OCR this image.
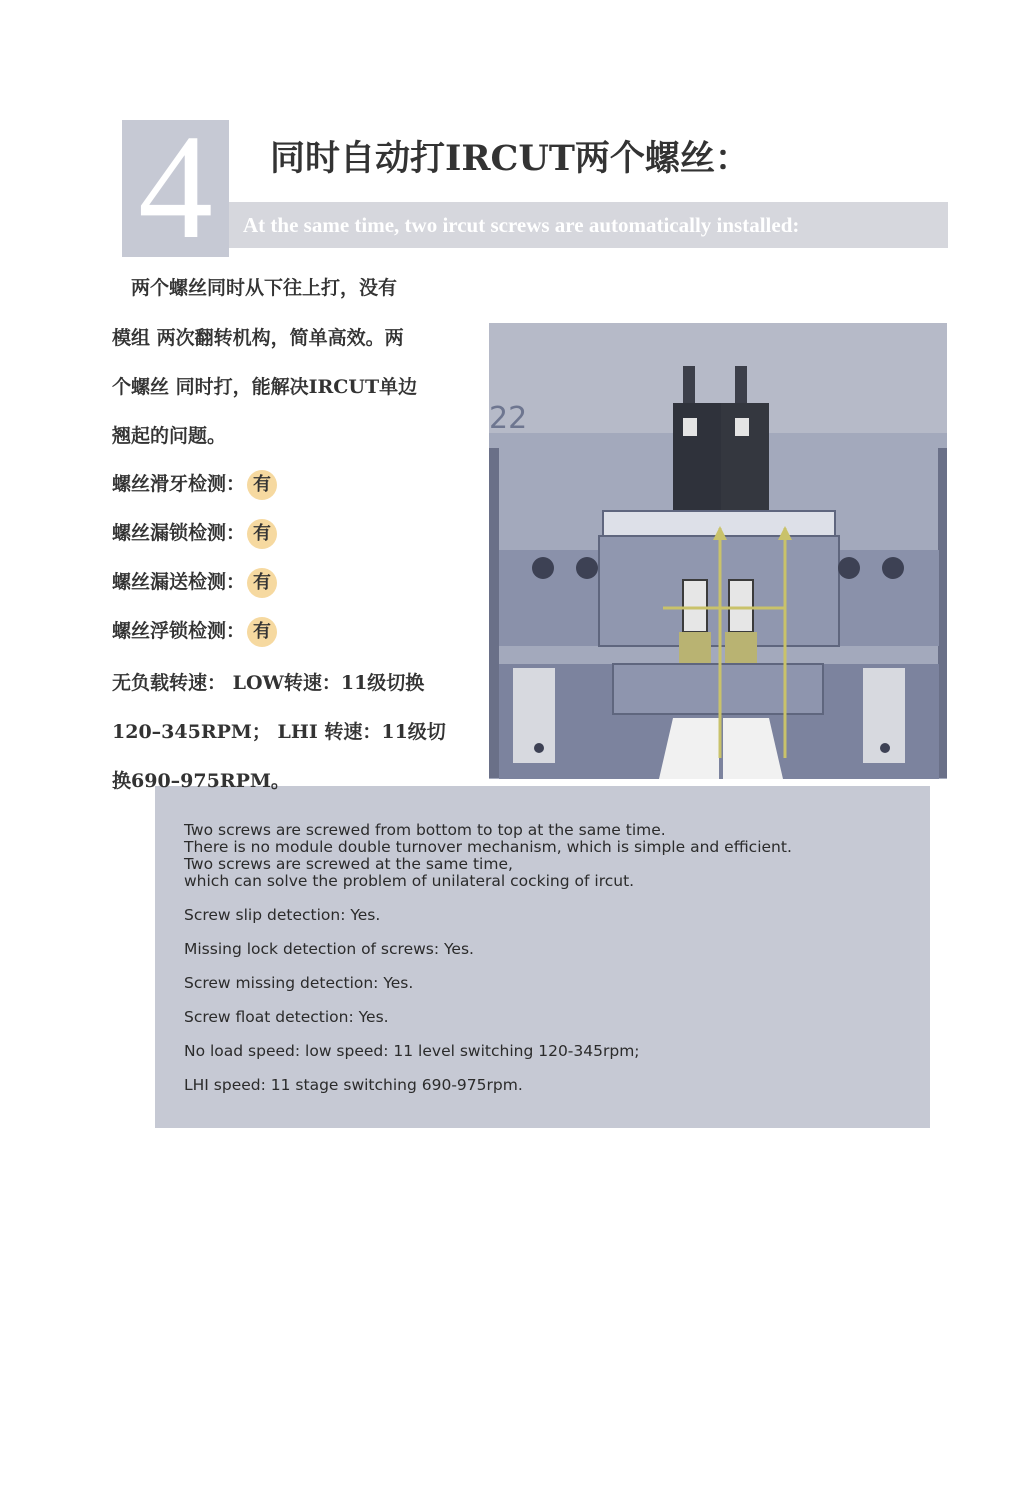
4	同时自动打IRCUT两个螺丝：
At the same time, two ircut screws are automatically installed:
　两个螺丝同时从下往上打，没有
模组 两次翻转机构，简单高效。两
个螺丝 同时打，能解决IRCUT单边
翘起的问题。
螺丝滑牙检测： 有
螺丝漏锁检测： 有
螺丝漏送检测： 有
螺丝浮锁检测： 有
无负载转速： LOW转速：11级切换
120–345RPM； LHI 转速：11级切
换690–975RPM。
22
Two screws are screwed from bottom to top at the same time.
There is no module double turnover mechanism, which is simple and efficient.
Two screws are screwed at the same time,
which can solve the problem of unilateral cocking of ircut.
Screw slip detection: Yes.
Missing lock detection of screws: Yes.
Screw missing detection: Yes.
Screw float detection: Yes.
No load speed: low speed: 11 level switching 120-345rpm;
LHI speed: 11 stage switching 690-975rpm.
